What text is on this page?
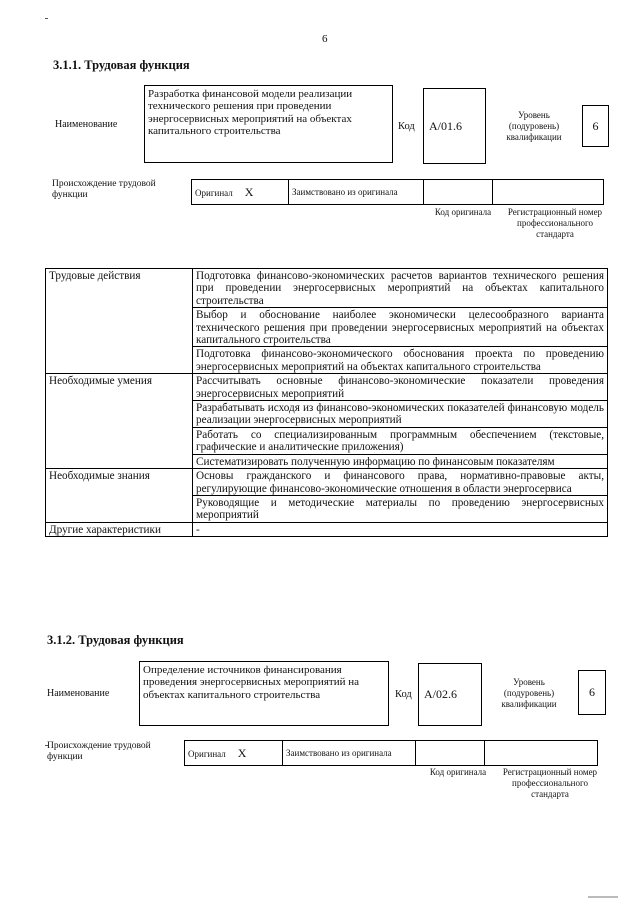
6
3.1.1. Трудовая функция
Наименование
Разработка финансовой модели реализации технического решения при проведении энергосервисных мероприятий на объектах капитального строительства	Код	А/01.6
Уровень (подуровень) квалификации
6
Происхождение трудовой функции	Оригинал X	Заимствовано из оригинала		
Код оригинала	Регистрационный номер профессионального стандарта
Трудовые действия	Подготовка финансово-экономических расчетов вариантов технического решения при проведении энергосервисных мероприятий на объектах капитального строительства
	Выбор и обоснование наиболее экономически целесообразного варианта технического решения при проведении энергосервисных мероприятий на объектах капитального строительства
	Подготовка финансово-экономического обоснования проекта по проведению энергосервисных мероприятий на объектах капитального строительства
Необходимые умения	Рассчитывать основные финансово-экономические показатели проведения энергосервисных мероприятий
	Разрабатывать исходя из финансово-экономических показателей финансовую модель реализации энергосервисных мероприятий
	Работать со специализированным программным обеспечением (текстовые, графические и аналитические приложения)
	Систематизировать полученную информацию по финансовым показателям
Необходимые знания	Основы гражданского и финансового права, нормативно-правовые акты, регулирующие финансово-экономические отношения в области энергосервиса
	Руководящие и методические материалы по проведению энергосервисных мероприятий
Другие характеристики	-
3.1.2. Трудовая функция
Наименование
Определение источников финансирования проведения энергосервисных мероприятий на объектах капитального строительства	Код	А/02.6
Уровень (подуровень) квалификации
6
Происхождение трудовой функции	Оригинал X	Заимствовано из оригинала		
Код оригинала	Регистрационный номер профессионального стандарта
